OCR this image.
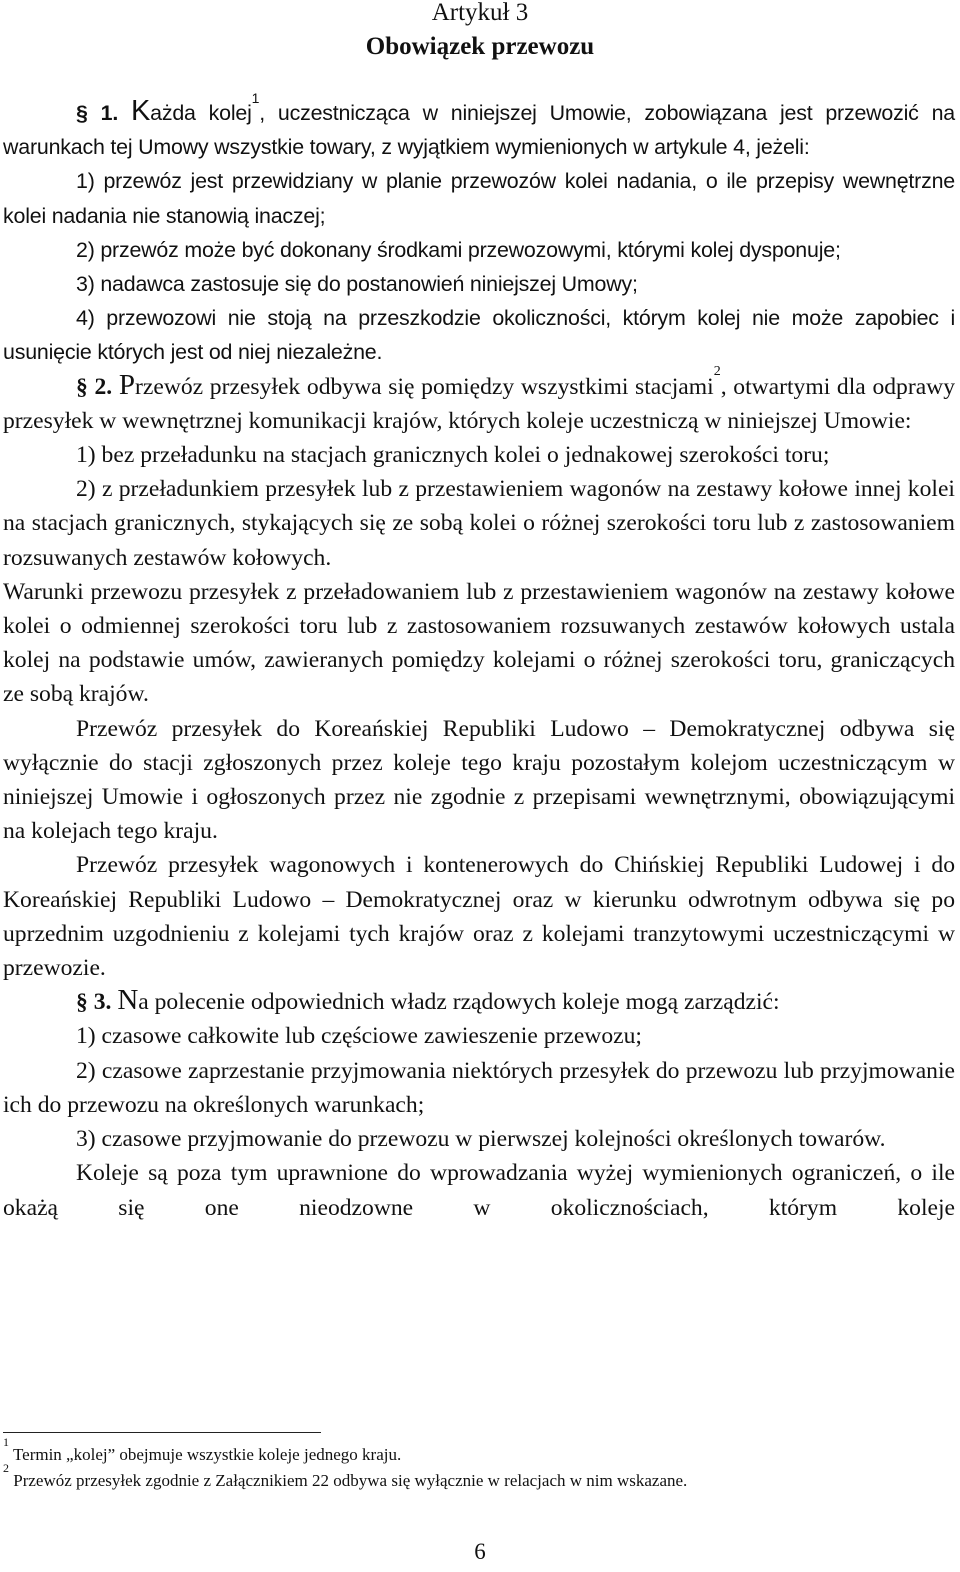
Artykuł 3
Obowiązek przewozu

§ 1. Każda kolej$^1$, uczestnicząca w niniejszej Umowie, zobowiązana jest przewozić na warunkach tej Umowy wszystkie towary, z wyjątkiem wymienionych w artykule 4, jeżeli:

1) przewóz jest przewidziany w planie przewozów kolei nadania, o ile przepisy wewnętrzne kolei nadania nie stanowią inaczej;

2) przewóz może być dokonany środkami przewozowymi, którymi kolej dysponuje;

3) nadawca zastosuje się do postanowień niniejszej Umowy;

4) przewozowi nie stoją na przeszkodzie okoliczności, którym kolej nie może zapobiec i usunięcie których jest od niej niezależne.

§ 2. Przewóz przesyłek odbywa się pomiędzy wszystkimi stacjami$^2$, otwartymi dla odprawy przesyłek w wewnętrznej komunikacji krajów, których koleje uczestniczą w niniejszej Umowie:

1) bez przeładunku na stacjach granicznych kolei o jednakowej szerokości toru;

2) z przeładunkiem przesyłek lub z przestawieniem wagonów na zestawy kołowe innej kolei na stacjach granicznych, stykających się ze sobą kolei o różnej szerokości toru lub z zastosowaniem rozsuwanych zestawów kołowych.

Warunki przewozu przesyłek z przeładowaniem lub z przestawieniem wagonów na zestawy kołowe kolei o odmiennej szerokości toru lub z zastosowaniem rozsuwanych zestawów kołowych ustala kolej na podstawie umów, zawieranych pomiędzy kolejami o różnej szerokości toru, graniczących ze sobą krajów.

Przewóz przesyłek do Koreańskiej Republiki Ludowo – Demokratycznej odbywa się wyłącznie do stacji zgłoszonych przez koleje tego kraju pozostałym kolejom uczestniczącym w niniejszej Umowie i ogłoszonych przez nie zgodnie z przepisami wewnętrznymi, obowiązującymi na kolejach tego kraju.

Przewóz przesyłek wagonowych i kontenerowych do Chińskiej Republiki Ludowej i do Koreańskiej Republiki Ludowo – Demokratycznej oraz w kierunku odwrotnym odbywa się po uprzednim uzgodnieniu z kolejami tych krajów oraz z kolejami tranzytowymi uczestniczącymi w przewozie.

§ 3. Na polecenie odpowiednich władz rządowych koleje mogą zarządzić:

1) czasowe całkowite lub częściowe zawieszenie przewozu;

2) czasowe zaprzestanie przyjmowania niektórych przesyłek do przewozu lub przyjmowanie ich do przewozu na określonych warunkach;

3) czasowe przyjmowanie do przewozu w pierwszej kolejności określonych towarów.

Koleje są poza tym uprawnione do wprowadzania wyżej wymienionych ograniczeń, o ile okażą się one nieodzowne w okolicznościach, którym koleje

$^1$ Termin „kolej” obejmuje wszystkie koleje jednego kraju.
$^2$ Przewóz przesyłek zgodnie z Załącznikiem 22 odbywa się wyłącznie w relacjach w nim wskazane.
6
